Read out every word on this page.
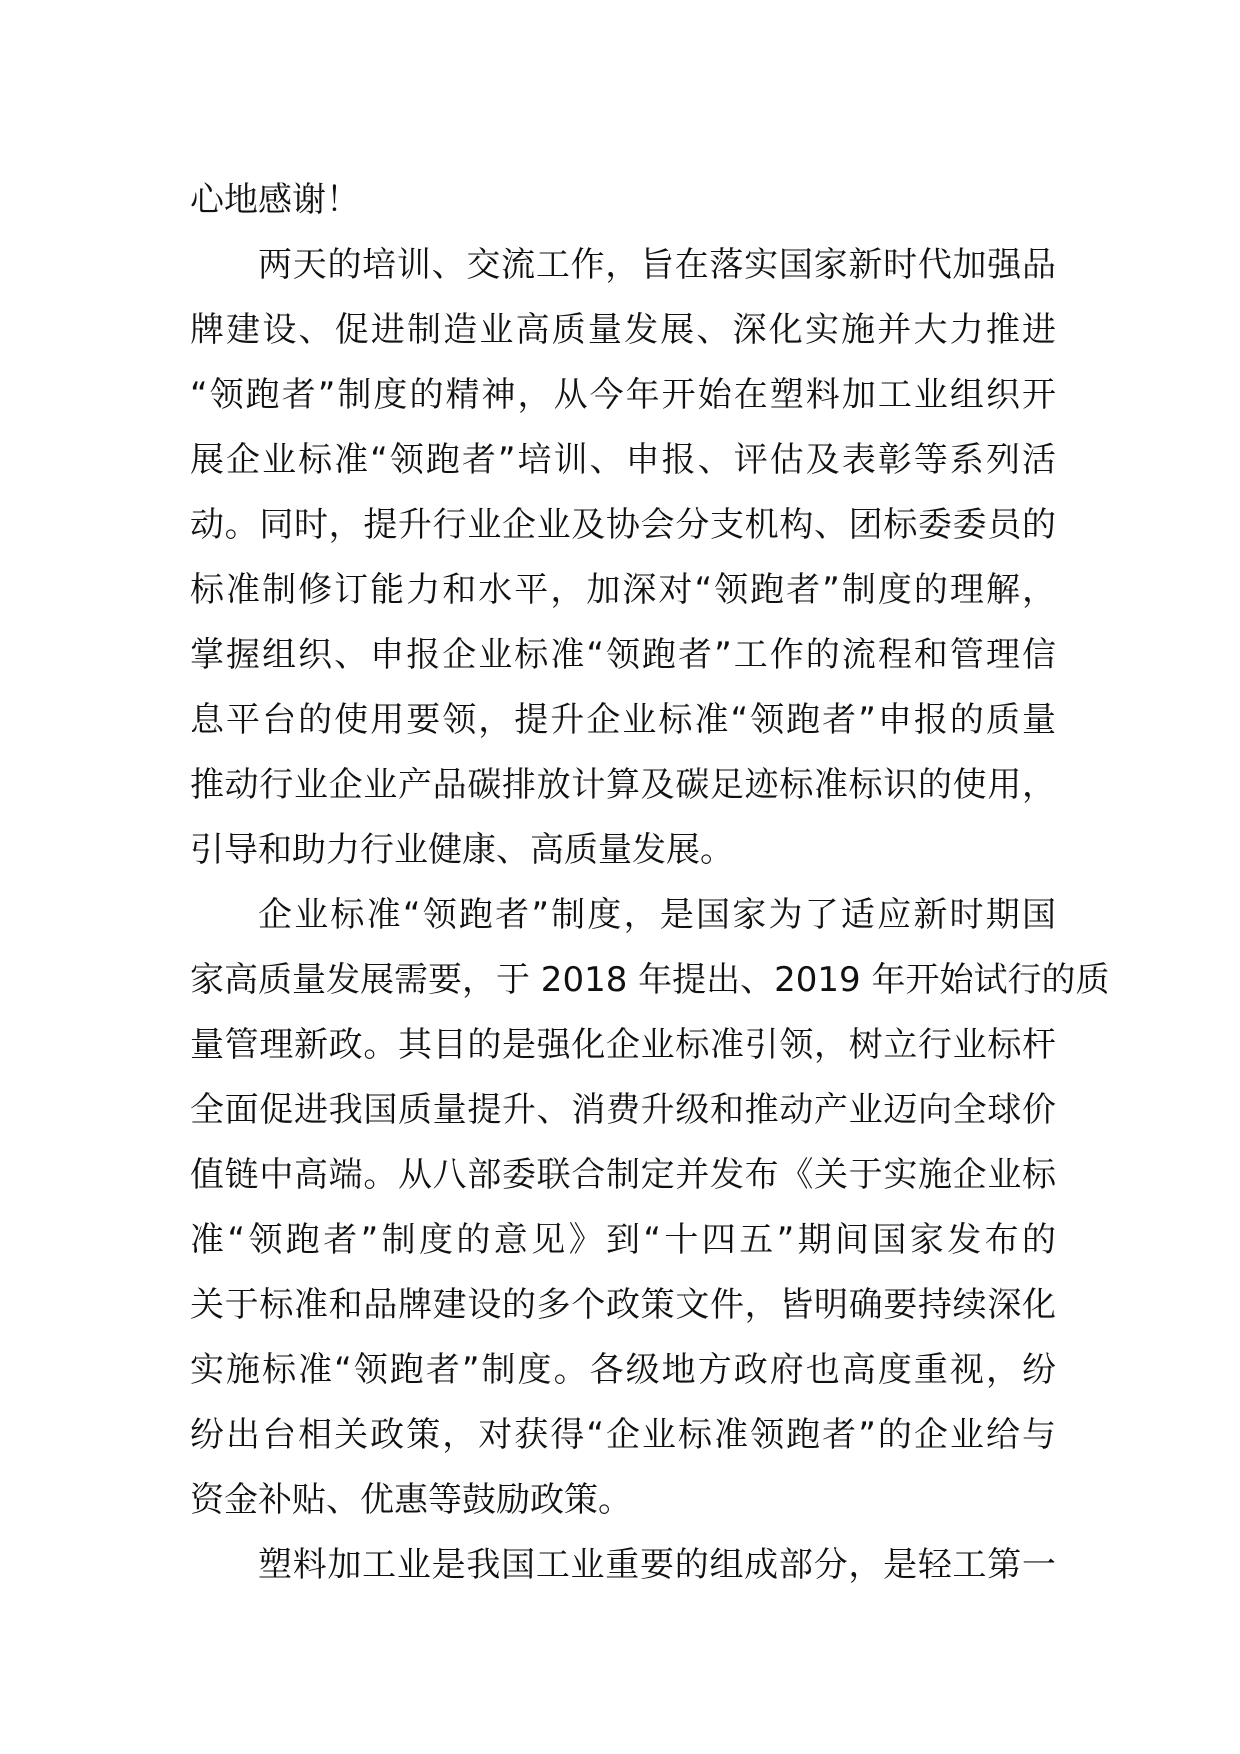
心地感谢！
两天的培训、交流工作，旨在落实国家新时代加强品
牌建设、促进制造业高质量发展、深化实施并大力推进
“领跑者”制度的精神，从今年开始在塑料加工业组织开
展企业标准“领跑者”培训、申报、评估及表彰等系列活
动。同时，提升行业企业及协会分支机构、团标委委员的
标准制修订能力和水平，加深对“领跑者”制度的理解，
掌握组织、申报企业标准“领跑者”工作的流程和管理信
息平台的使用要领，提升企业标准“领跑者”申报的质量
推动行业企业产品碳排放计算及碳足迹标准标识的使用，
引导和助力行业健康、高质量发展。
企业标准“领跑者”制度，是国家为了适应新时期国
家高质量发展需要，于 2018 年提出、2019 年开始试行的质
量管理新政。其目的是强化企业标准引领，树立行业标杆
全面促进我国质量提升、消费升级和推动产业迈向全球价
值链中高端。从八部委联合制定并发布《关于实施企业标
准“领跑者”制度的意见》到“十四五”期间国家发布的
关于标准和品牌建设的多个政策文件，皆明确要持续深化
实施标准“领跑者”制度。各级地方政府也高度重视，纷
纷出台相关政策，对获得“企业标准领跑者”的企业给与
资金补贴、优惠等鼓励政策。
塑料加工业是我国工业重要的组成部分，是轻工第一
